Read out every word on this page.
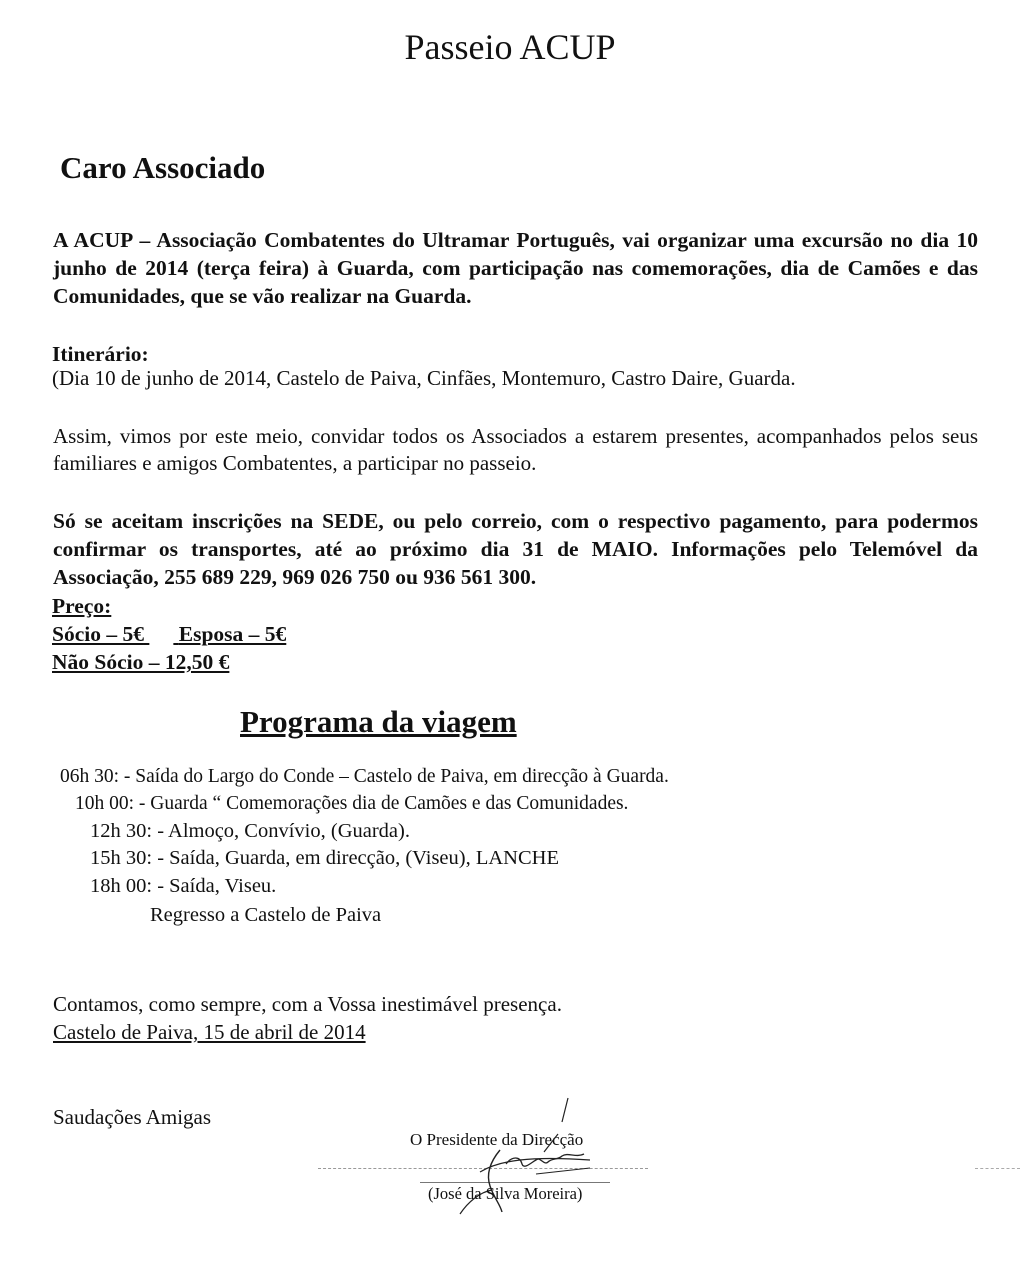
Passeio ACUP
Caro Associado
A ACUP – Associação Combatentes do Ultramar Português, vai organizar uma excursão no dia 10 junho de 2014 (terça feira) à Guarda, com participação nas comemorações, dia de Camões e das Comunidades, que se vão realizar na Guarda.
Itinerário:
(Dia 10 de junho de 2014, Castelo de Paiva, Cinfães, Montemuro, Castro Daire, Guarda.
Assim, vimos por este meio, convidar todos os Associados a estarem presentes, acompanhados pelos seus familiares e amigos Combatentes, a participar no passeio.
Só se aceitam inscrições na SEDE, ou pelo correio, com o respectivo pagamento, para podermos confirmar os transportes, até ao próximo dia 31 de MAIO. Informações pelo Telemóvel da Associação, 255 689 229, 969 026 750 ou 936 561 300.
Preço:
Sócio – 5€ Esposa – 5€
Não Sócio – 12,50 €
Programa da viagem
06h 30: - Saída do Largo do Conde – Castelo de Paiva, em direcção à Guarda.
10h 00: - Guarda “ Comemorações dia de Camões e das Comunidades.
12h 30: - Almoço, Convívio, (Guarda).
15h 30: - Saída, Guarda, em direcção, (Viseu), LANCHE
18h 00: - Saída, Viseu.
Regresso a Castelo de Paiva
Contamos, como sempre, com a Vossa inestimável presença.
Castelo de Paiva, 15 de abril de 2014
Saudações Amigas
O Presidente da Direcção
(José da Silva Moreira)
